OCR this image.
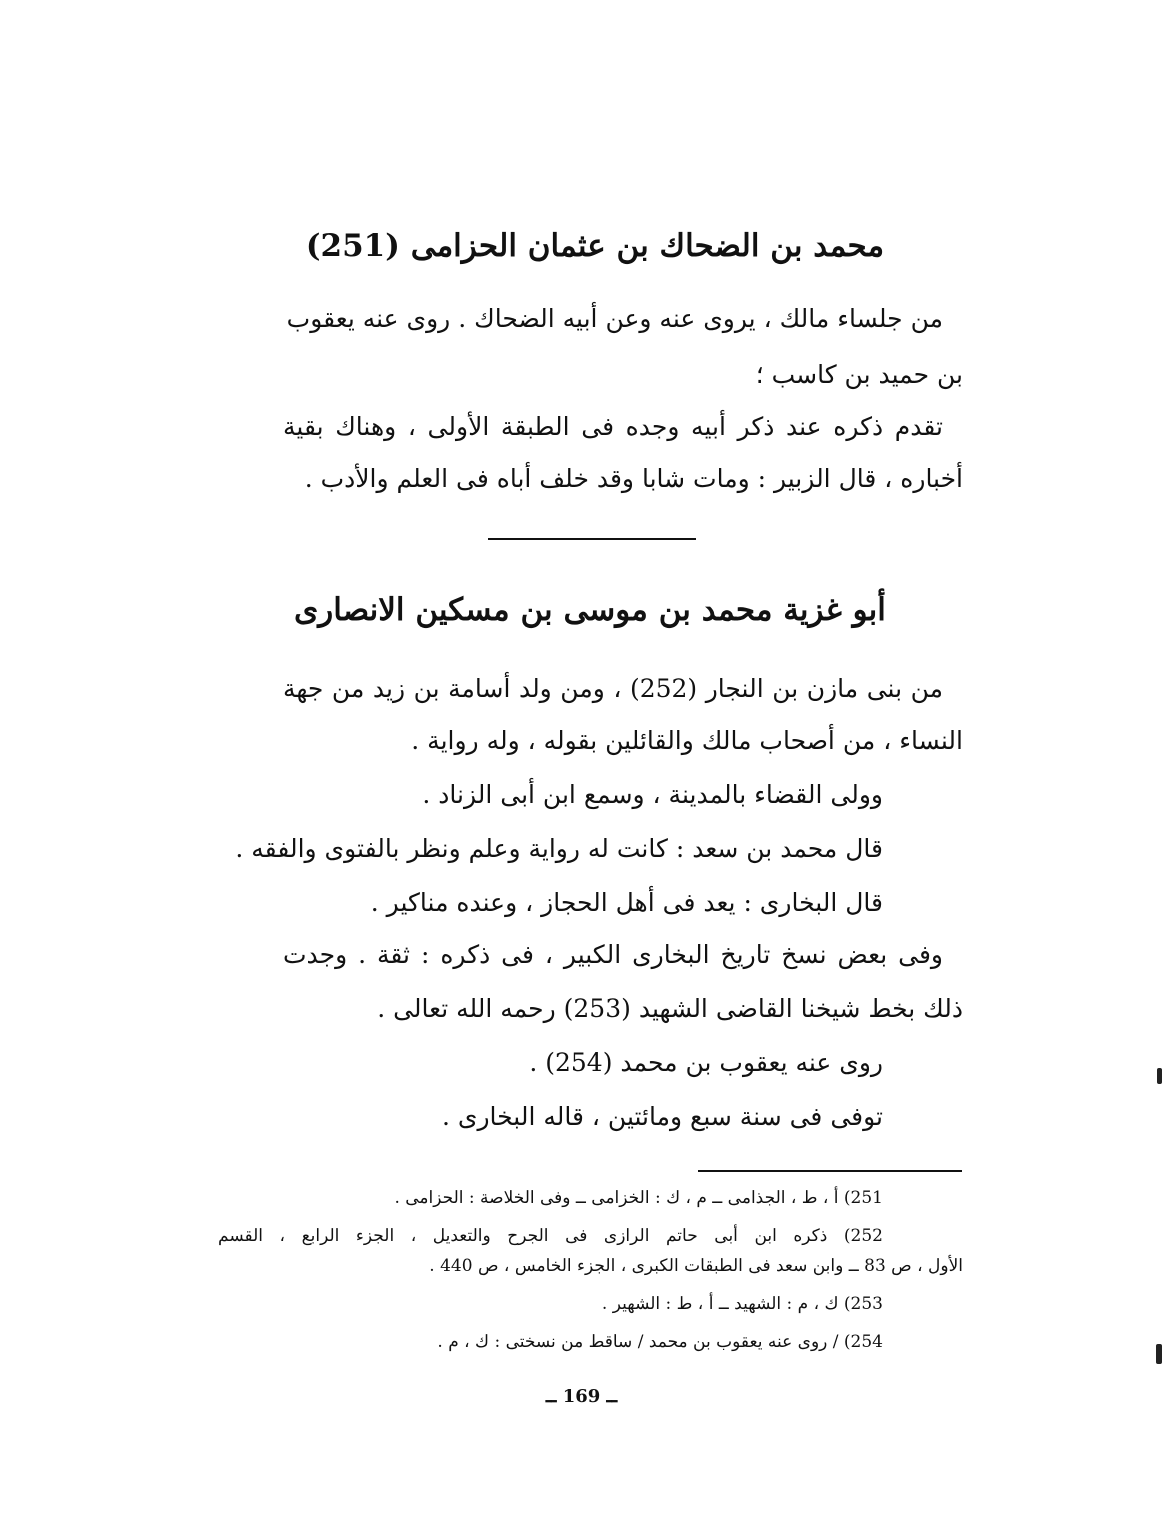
محمد بن الضحاك بن عثمان الحزامى (251)
من جلساء مالك ، يروى عنه وعن أبيه الضحاك . روى عنه يعقوب
بن حميد بن كاسب ؛
تقدم ذكره عند ذكر أبيه وجده فى الطبقة الأولى ، وهناك بقية
أخباره ، قال الزبير : ومات شابا وقد خلف أباه فى العلم والأدب .
أبو غزية محمد بن موسى بن مسكين الانصارى
من بنى مازن بن النجار (252) ، ومن ولد أسامة بن زيد من جهة
النساء ، من أصحاب مالك والقائلين بقوله ، وله رواية .
وولى القضاء بالمدينة ، وسمع ابن أبى الزناد .
قال محمد بن سعد : كانت له رواية وعلم ونظر بالفتوى والفقه .
قال البخارى : يعد فى أهل الحجاز ، وعنده مناكير .
وفى بعض نسخ تاريخ البخارى الكبير ، فى ذكره : ثقة . وجدت
ذلك بخط شيخنا القاضى الشهيد (253) رحمه الله تعالى .
روى عنه يعقوب بن محمد (254) .
توفى فى سنة سبع ومائتين ، قاله البخارى .
251) أ ، ط ، الجذامى ــ م ، ك : الخزامى ــ وفى الخلاصة : الحزامى .
252) ذكره ابن أبى حاتم الرازى فى الجرح والتعديل ، الجزء الرابع ، القسم
الأول ، ص 83 ــ وابن سعد فى الطبقات الكبرى ، الجزء الخامس ، ص 440 .
253) ك ، م : الشهيد ــ أ ، ط : الشهير .
254) / روى عنه يعقوب بن محمد / ساقط من نسختى : ك ، م .
ــ 169 ــ
